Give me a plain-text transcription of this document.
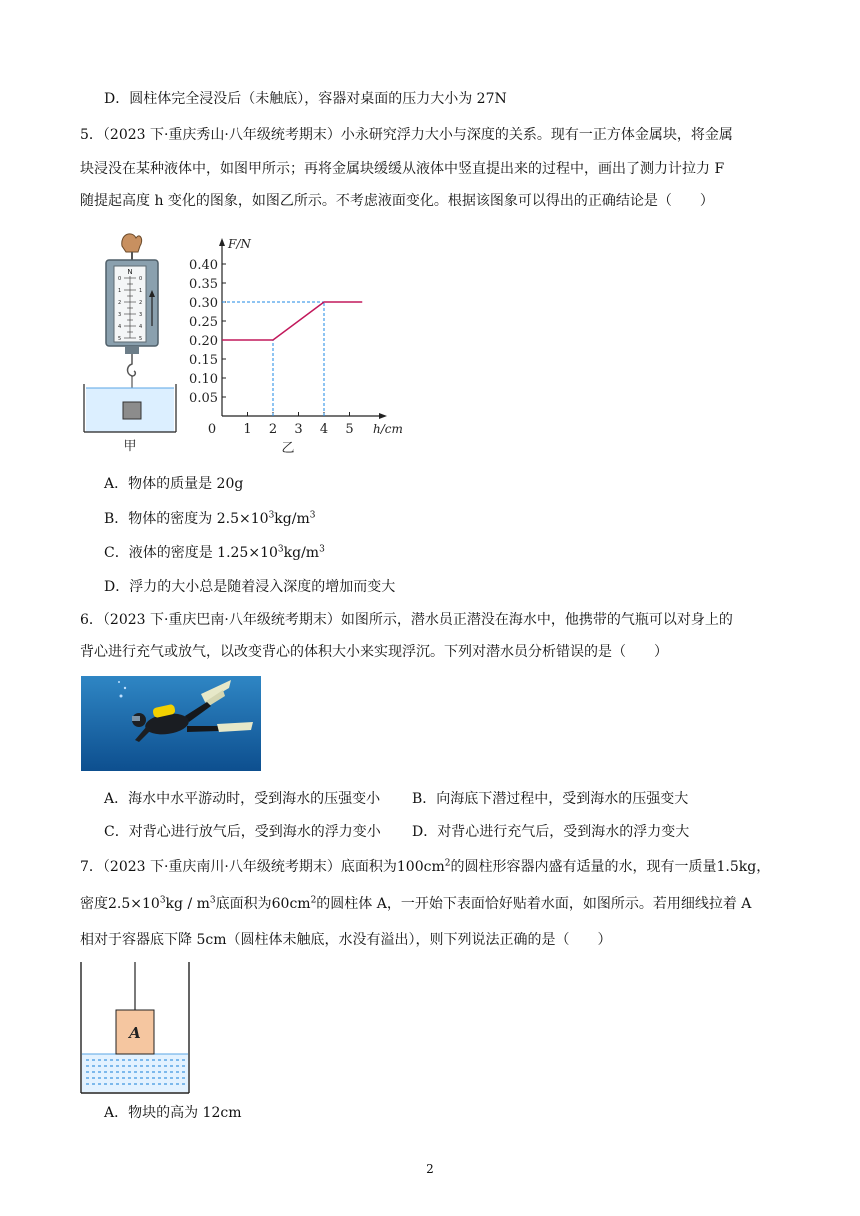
D．圆柱体完全浸没后（未触底），容器对桌面的压力大小为 27N
5．（2023 下·重庆秀山·八年级统考期末）小永研究浮力大小与深度的关系。现有一正方体金属块，将金属
块浸没在某种液体中，如图甲所示；再将金属块缓缓从液体中竖直提出来的过程中，画出了测力计拉力 F
随提起高度 h 变化的图象，如图乙所示。不考虑液面变化。根据该图象可以得出的正确结论是（　　）
N
0
1
2
3
4
5
0
1
2
3
4
5
甲
F/N
h/cm
0.05
0.10
0.15
0.20
0.25
0.30
0.35
0.40
0 1 2 3 4 5
乙
A．物体的质量是 20g
B．物体的密度为 $2.5\times 10^3kg/m^3$
C．液体的密度是 $1.25\times 10^3kg/m^3$
D．浮力的大小总是随着浸入深度的增加而变大
6．（2023 下·重庆巴南·八年级统考期末）如图所示，潜水员正潜没在海水中，他携带的气瓶可以对身上的
背心进行充气或放气，以改变背心的体积大小来实现浮沉。下列对潜水员分析错误的是（　　）
A．海水中水平游动时，受到海水的压强变小 B．向海底下潜过程中，受到海水的压强变大
C．对背心进行放气后，受到海水的浮力变小 D．对背心进行充气后，受到海水的浮力变大
7．（2023 下·重庆南川·八年级统考期末）底面积为$100cm^2$的圆柱形容器内盛有适量的水，现有一质量1.5kg，
密度$2.5\times 10^3kg / m^3$底面积为$60cm^2$的圆柱体 A，一开始下表面恰好贴着水面，如图所示。若用细线拉着 A
相对于容器底下降 5cm（圆柱体未触底，水没有溢出），则下列说法正确的是（　　）
A
A．物块的高为 12cm
2
